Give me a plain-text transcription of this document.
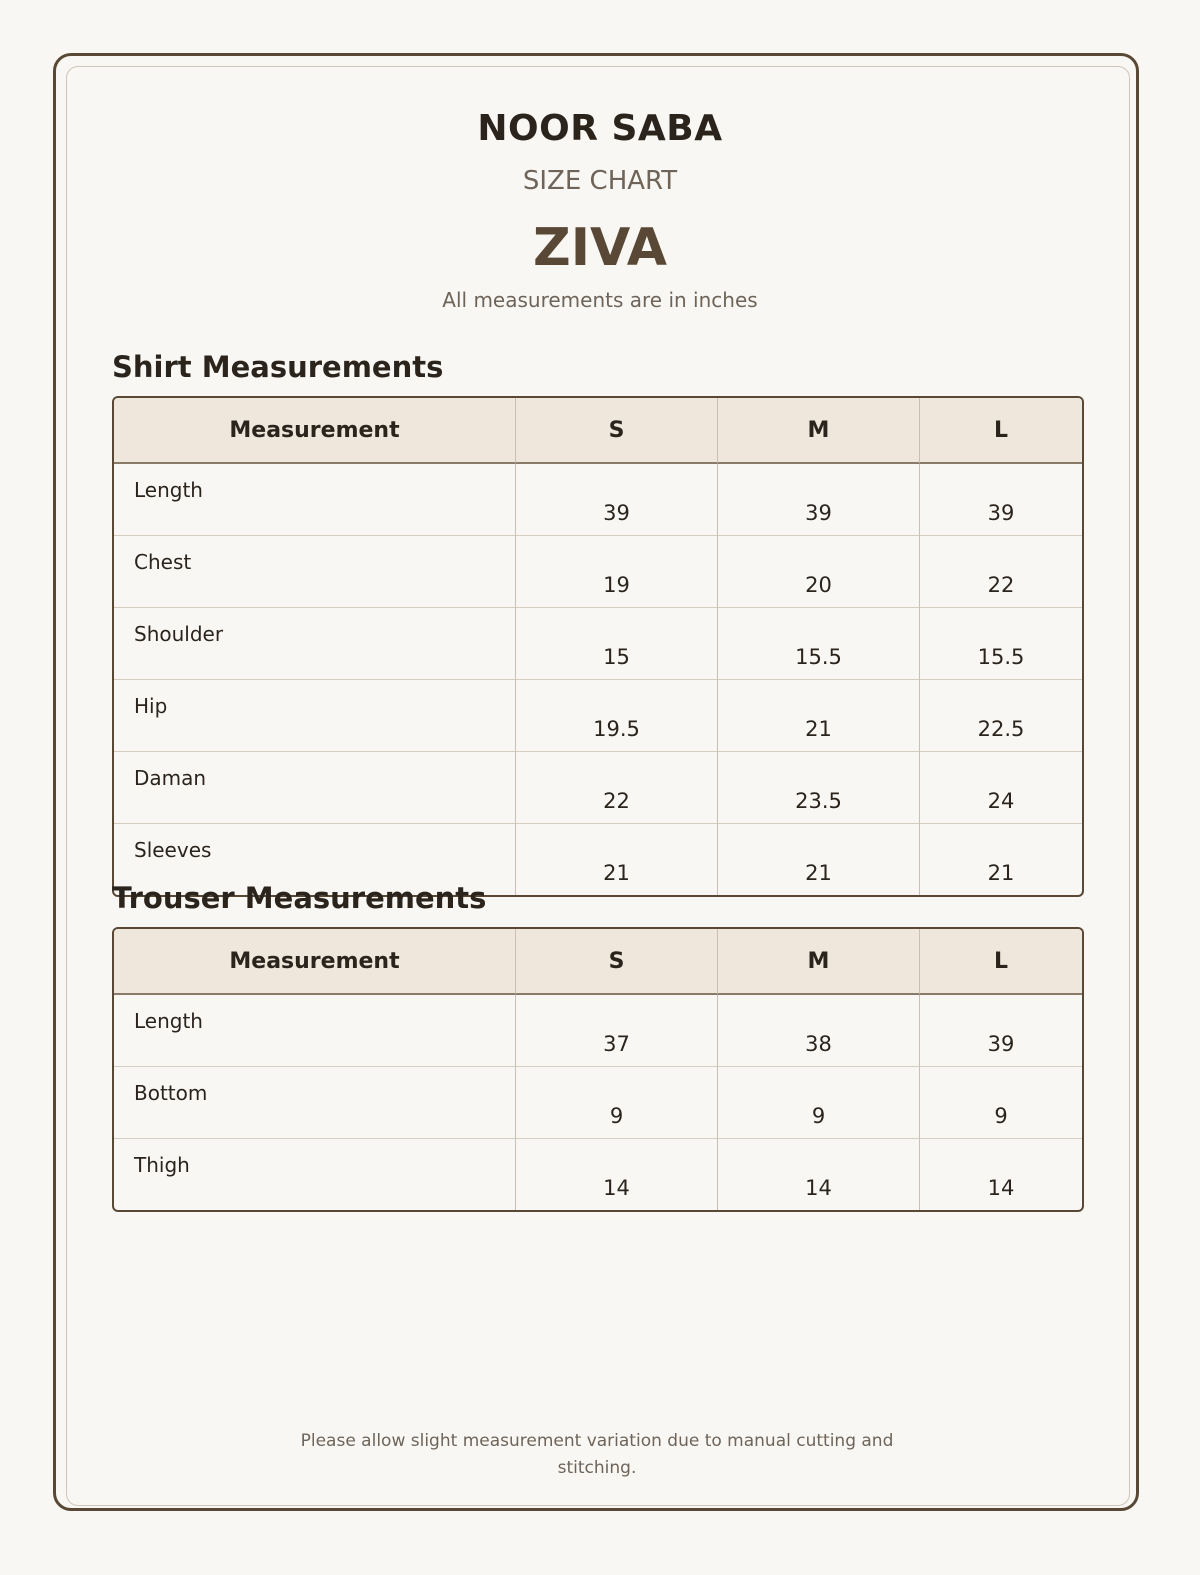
NOOR SABA
SIZE CHART
ZIVA
All measurements are in inches
Shirt Measurements
Measurement	S	M	L
Length	39	39	39
Chest	19	20	22
Shoulder	15	15.5	15.5
Hip	19.5	21	22.5
Daman	22	23.5	24
Sleeves	21	21	21
Trouser Measurements
Measurement	S	M	L
Length	37	38	39
Bottom	9	9	9
Thigh	14	14	14
Please allow slight measurement variation due to manual cutting and stitching.
